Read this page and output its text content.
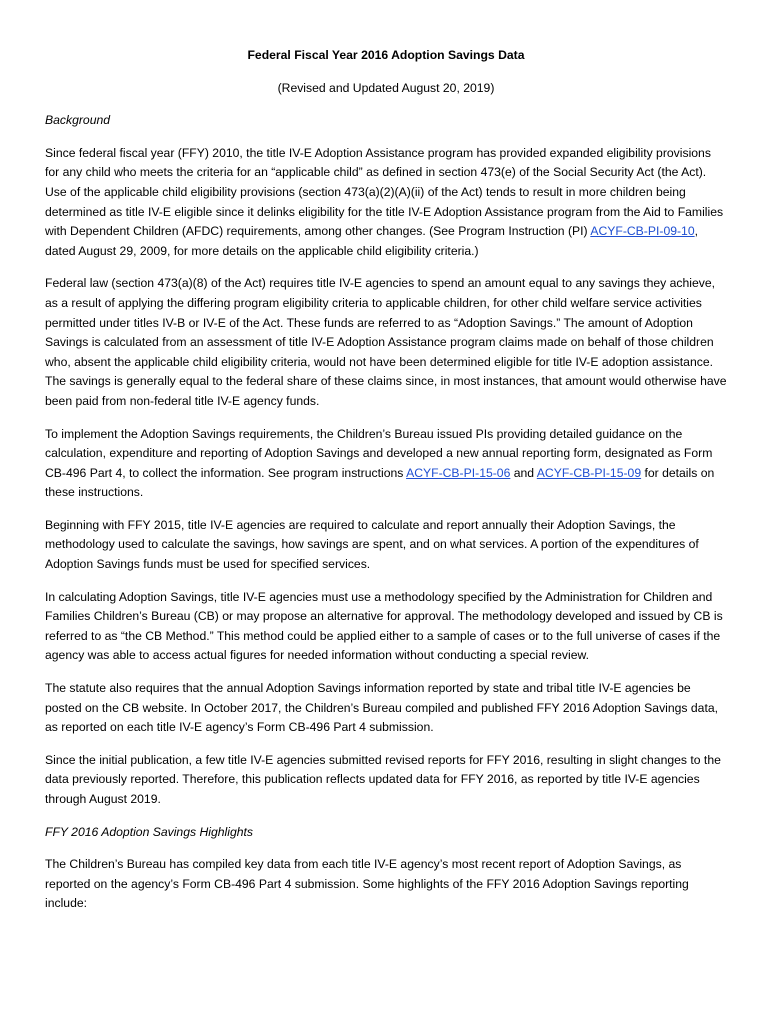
Federal Fiscal Year 2016 Adoption Savings Data
(Revised and Updated August 20, 2019)
Background

Since federal fiscal year (FFY) 2010, the title IV-E Adoption Assistance program has provided expanded eligibility provisions for any child who meets the criteria for an “applicable child” as defined in section 473(e) of the Social Security Act (the Act). Use of the applicable child eligibility provisions (section 473(a)(2)(A)(ii) of the Act) tends to result in more children being determined as title IV-E eligible since it delinks eligibility for the title IV-E Adoption Assistance program from the Aid to Families with Dependent Children (AFDC) requirements, among other changes. (See Program Instruction (PI) ACYF-CB-PI-09-10, dated August 29, 2009, for more details on the applicable child eligibility criteria.)

Federal law (section 473(a)(8) of the Act) requires title IV-E agencies to spend an amount equal to any savings they achieve, as a result of applying the differing program eligibility criteria to applicable children, for other child welfare service activities permitted under titles IV-B or IV-E of the Act. These funds are referred to as “Adoption Savings.” The amount of Adoption Savings is calculated from an assessment of title IV-E Adoption Assistance program claims made on behalf of those children who, absent the applicable child eligibility criteria, would not have been determined eligible for title IV-E adoption assistance. The savings is generally equal to the federal share of these claims since, in most instances, that amount would otherwise have been paid from non-federal title IV-E agency funds.

To implement the Adoption Savings requirements, the Children’s Bureau issued PIs providing detailed guidance on the calculation, expenditure and reporting of Adoption Savings and developed a new annual reporting form, designated as Form CB-496 Part 4, to collect the information. See program instructions ACYF-CB-PI-15-06 and ACYF-CB-PI-15-09 for details on these instructions.

Beginning with FFY 2015, title IV-E agencies are required to calculate and report annually their Adoption Savings, the methodology used to calculate the savings, how savings are spent, and on what services. A portion of the expenditures of Adoption Savings funds must be used for specified services.

In calculating Adoption Savings, title IV-E agencies must use a methodology specified by the Administration for Children and Families Children’s Bureau (CB) or may propose an alternative for approval. The methodology developed and issued by CB is referred to as “the CB Method.” This method could be applied either to a sample of cases or to the full universe of cases if the agency was able to access actual figures for needed information without conducting a special review.

The statute also requires that the annual Adoption Savings information reported by state and tribal title IV-E agencies be posted on the CB website. In October 2017, the Children’s Bureau compiled and published FFY 2016 Adoption Savings data, as reported on each title IV-E agency’s Form CB-496 Part 4 submission.

Since the initial publication, a few title IV-E agencies submitted revised reports for FFY 2016, resulting in slight changes to the data previously reported. Therefore, this publication reflects updated data for FFY 2016, as reported by title IV-E agencies through August 2019.

FFY 2016 Adoption Savings Highlights

The Children’s Bureau has compiled key data from each title IV-E agency’s most recent report of Adoption Savings, as reported on the agency’s Form CB-496 Part 4 submission. Some highlights of the FFY 2016 Adoption Savings reporting include:
